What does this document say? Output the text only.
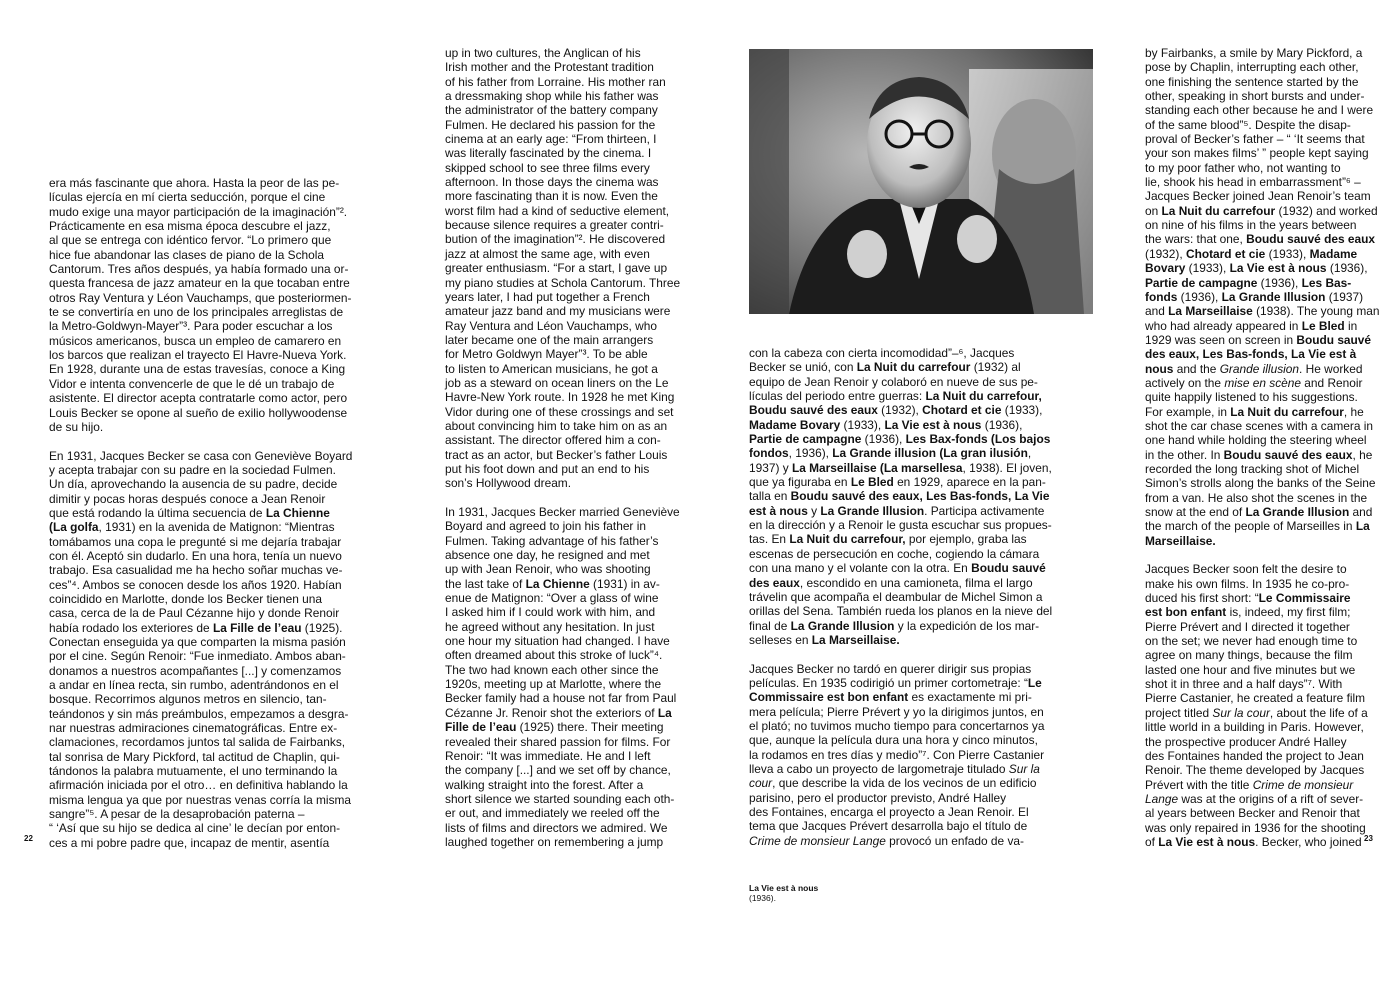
era más fascinante que ahora. Hasta la peor de las pe-

lículas ejercía en mí cierta seducción, porque el cine

mudo exige una mayor participación de la imaginación”².

Prácticamente en esa misma época descubre el jazz,

al que se entrega con idéntico fervor. “Lo primero que

hice fue abandonar las clases de piano de la Schola

Cantorum. Tres años después, ya había formado una or-

questa francesa de jazz amateur en la que tocaban entre

otros Ray Ventura y Léon Vauchamps, que posteriormen-

te se convertiría en uno de los principales arreglistas de

la Metro-Goldwyn-Mayer”³. Para poder escuchar a los

músicos americanos, busca un empleo de camarero en

los barcos que realizan el trayecto El Havre-Nueva York.

En 1928, durante una de estas travesías, conoce a King

Vidor e intenta convencerle de que le dé un trabajo de

asistente. El director acepta contratarle como actor, pero

Louis Becker se opone al sueño de exilio hollywoodense

de su hijo.

En 1931, Jacques Becker se casa con Geneviève Boyard

y acepta trabajar con su padre en la sociedad Fulmen.

Un día, aprovechando la ausencia de su padre, decide

dimitir y pocas horas después conoce a Jean Renoir

que está rodando la última secuencia de La Chienne

(La golfa, 1931) en la avenida de Matignon: “Mientras

tomábamos una copa le pregunté si me dejaría trabajar

con él. Aceptó sin dudarlo. En una hora, tenía un nuevo

trabajo. Esa casualidad me ha hecho soñar muchas ve-

ces”⁴. Ambos se conocen desde los años 1920. Habían

coincidido en Marlotte, donde los Becker tienen una

casa, cerca de la de Paul Cézanne hijo y donde Renoir

había rodado los exteriores de La Fille de l’eau (1925).

Conectan enseguida ya que comparten la misma pasión

por el cine. Según Renoir: “Fue inmediato. Ambos aban-

donamos a nuestros acompañantes [...] y comenzamos

a andar en línea recta, sin rumbo, adentrándonos en el

bosque. Recorrimos algunos metros en silencio, tan-

teándonos y sin más preámbulos, empezamos a desgra-

nar nuestras admiraciones cinematográficas. Entre ex-

clamaciones, recordamos juntos tal salida de Fairbanks,

tal sonrisa de Mary Pickford, tal actitud de Chaplin, qui-

tándonos la palabra mutuamente, el uno terminando la

afirmación iniciada por el otro… en definitiva hablando la

misma lengua ya que por nuestras venas corría la misma

sangre”⁵. A pesar de la desaprobación paterna –

“ ‘Así que su hijo se dedica al cine’ le decían por enton-

ces a mi pobre padre que, incapaz de mentir, asentía

up in two cultures, the Anglican of his

Irish mother and the Protestant tradition

of his father from Lorraine. His mother ran

a dressmaking shop while his father was

the administrator of the battery company

Fulmen. He declared his passion for the

cinema at an early age: “From thirteen, I

was literally fascinated by the cinema. I

skipped school to see three films every

afternoon. In those days the cinema was

more fascinating than it is now. Even the

worst film had a kind of seductive element,

because silence requires a greater contri-

bution of the imagination”². He discovered

jazz at almost the same age, with even

greater enthusiasm. “For a start, I gave up

my piano studies at Schola Cantorum. Three

years later, I had put together a French

amateur jazz band and my musicians were

Ray Ventura and Léon Vauchamps, who

later became one of the main arrangers

for Metro Goldwyn Mayer”³. To be able

to listen to American musicians, he got a

job as a steward on ocean liners on the Le

Havre-New York route. In 1928 he met King

Vidor during one of these crossings and set

about convincing him to take him on as an

assistant. The director offered him a con-

tract as an actor, but Becker’s father Louis

put his foot down and put an end to his

son’s Hollywood dream.

In 1931, Jacques Becker married Geneviève

Boyard and agreed to join his father in

Fulmen. Taking advantage of his father’s

absence one day, he resigned and met

up with Jean Renoir, who was shooting

the last take of La Chienne (1931) in av-

enue de Matignon: “Over a glass of wine

I asked him if I could work with him, and

he agreed without any hesitation. In just

one hour my situation had changed. I have

often dreamed about this stroke of luck”⁴.

The two had known each other since the

1920s, meeting up at Marlotte, where the

Becker family had a house not far from Paul

Cézanne Jr. Renoir shot the exteriors of La

Fille de l’eau (1925) there. Their meeting

revealed their shared passion for films. For

Renoir: “It was immediate. He and I left

the company [...] and we set off by chance,

walking straight into the forest. After a

short silence we started sounding each oth-

er out, and immediately we reeled off the

lists of films and directors we admired. We

laughed together on remembering a jump

con la cabeza con cierta incomodidad”–⁶, Jacques

Becker se unió, con La Nuit du carrefour (1932) al

equipo de Jean Renoir y colaboró en nueve de sus pe-

lículas del periodo entre guerras: La Nuit du carrefour,

Boudu sauvé des eaux (1932), Chotard et cie (1933),

Madame Bovary (1933), La Vie est à nous (1936),

Partie de campagne (1936), Les Bax-fonds (Los bajos

fondos, 1936), La Grande illusion (La gran ilusión,

1937) y La Marseillaise (La marsellesa, 1938). El joven,

que ya figuraba en Le Bled en 1929, aparece en la pan-

talla en Boudu sauvé des eaux, Les Bas-fonds, La Vie

est à nous y La Grande Illusion. Participa activamente

en la dirección y a Renoir le gusta escuchar sus propues-

tas. En La Nuit du carrefour, por ejemplo, graba las

escenas de persecución en coche, cogiendo la cámara

con una mano y el volante con la otra. En Boudu sauvé

des eaux, escondido en una camioneta, filma el largo

trávelin que acompaña el deambular de Michel Simon a

orillas del Sena. También rueda los planos en la nieve del

final de La Grande Illusion y la expedición de los mar-

selleses en La Marseillaise.

Jacques Becker no tardó en querer dirigir sus propias

películas. En 1935 codirigió un primer cortometraje: “Le

Commissaire est bon enfant es exactamente mi pri-

mera película; Pierre Prévert y yo la dirigimos juntos, en

el plató; no tuvimos mucho tiempo para concertarnos ya

que, aunque la película dura una hora y cinco minutos,

la rodamos en tres días y medio”⁷. Con Pierre Castanier

lleva a cabo un proyecto de largometraje titulado Sur la

cour, que describe la vida de los vecinos de un edificio

parisino, pero el productor previsto, André Halley

des Fontaines, encarga el proyecto a Jean Renoir. El

tema que Jacques Prévert desarrolla bajo el título de

Crime de monsieur Lange provocó un enfado de va-

by Fairbanks, a smile by Mary Pickford, a

pose by Chaplin, interrupting each other,

one finishing the sentence started by the

other, speaking in short bursts and under-

standing each other because he and I were

of the same blood”⁵. Despite the disap-

proval of Becker’s father – “ ‘It seems that

your son makes films’ ” people kept saying

to my poor father who, not wanting to

lie, shook his head in embarrassment”⁶ –

Jacques Becker joined Jean Renoir’s team

on La Nuit du carrefour (1932) and worked

on nine of his films in the years between

the wars: that one, Boudu sauvé des eaux

(1932), Chotard et cie (1933), Madame

Bovary (1933), La Vie est à nous (1936),

Partie de campagne (1936), Les Bas-

fonds (1936), La Grande Illusion (1937)

and La Marseillaise (1938). The young man

who had already appeared in Le Bled in

1929 was seen on screen in Boudu sauvé

des eaux, Les Bas-fonds, La Vie est à

nous and the Grande illusion. He worked

actively on the mise en scène and Renoir

quite happily listened to his suggestions.

For example, in La Nuit du carrefour, he

shot the car chase scenes with a camera in

one hand while holding the steering wheel

in the other. In Boudu sauvé des eaux, he

recorded the long tracking shot of Michel

Simon’s strolls along the banks of the Seine

from a van. He also shot the scenes in the

snow at the end of La Grande Illusion and

the march of the people of Marseilles in La

Marseillaise.

Jacques Becker soon felt the desire to

make his own films. In 1935 he co-pro-

duced his first short: “Le Commissaire

est bon enfant is, indeed, my first film;

Pierre Prévert and I directed it together

on the set; we never had enough time to

agree on many things, because the film

lasted one hour and five minutes but we

shot it in three and a half days”⁷. With

Pierre Castanier, he created a feature film

project titled Sur la cour, about the life of a

little world in a building in Paris. However,

the prospective producer André Halley

des Fontaines handed the project to Jean

Renoir. The theme developed by Jacques

Prévert with the title Crime de monsieur

Lange was at the origins of a rift of sever-

al years between Becker and Renoir that

was only repaired in 1936 for the shooting

of La Vie est à nous. Becker, who joined

22	23
La Vie est à nous
(1936).
